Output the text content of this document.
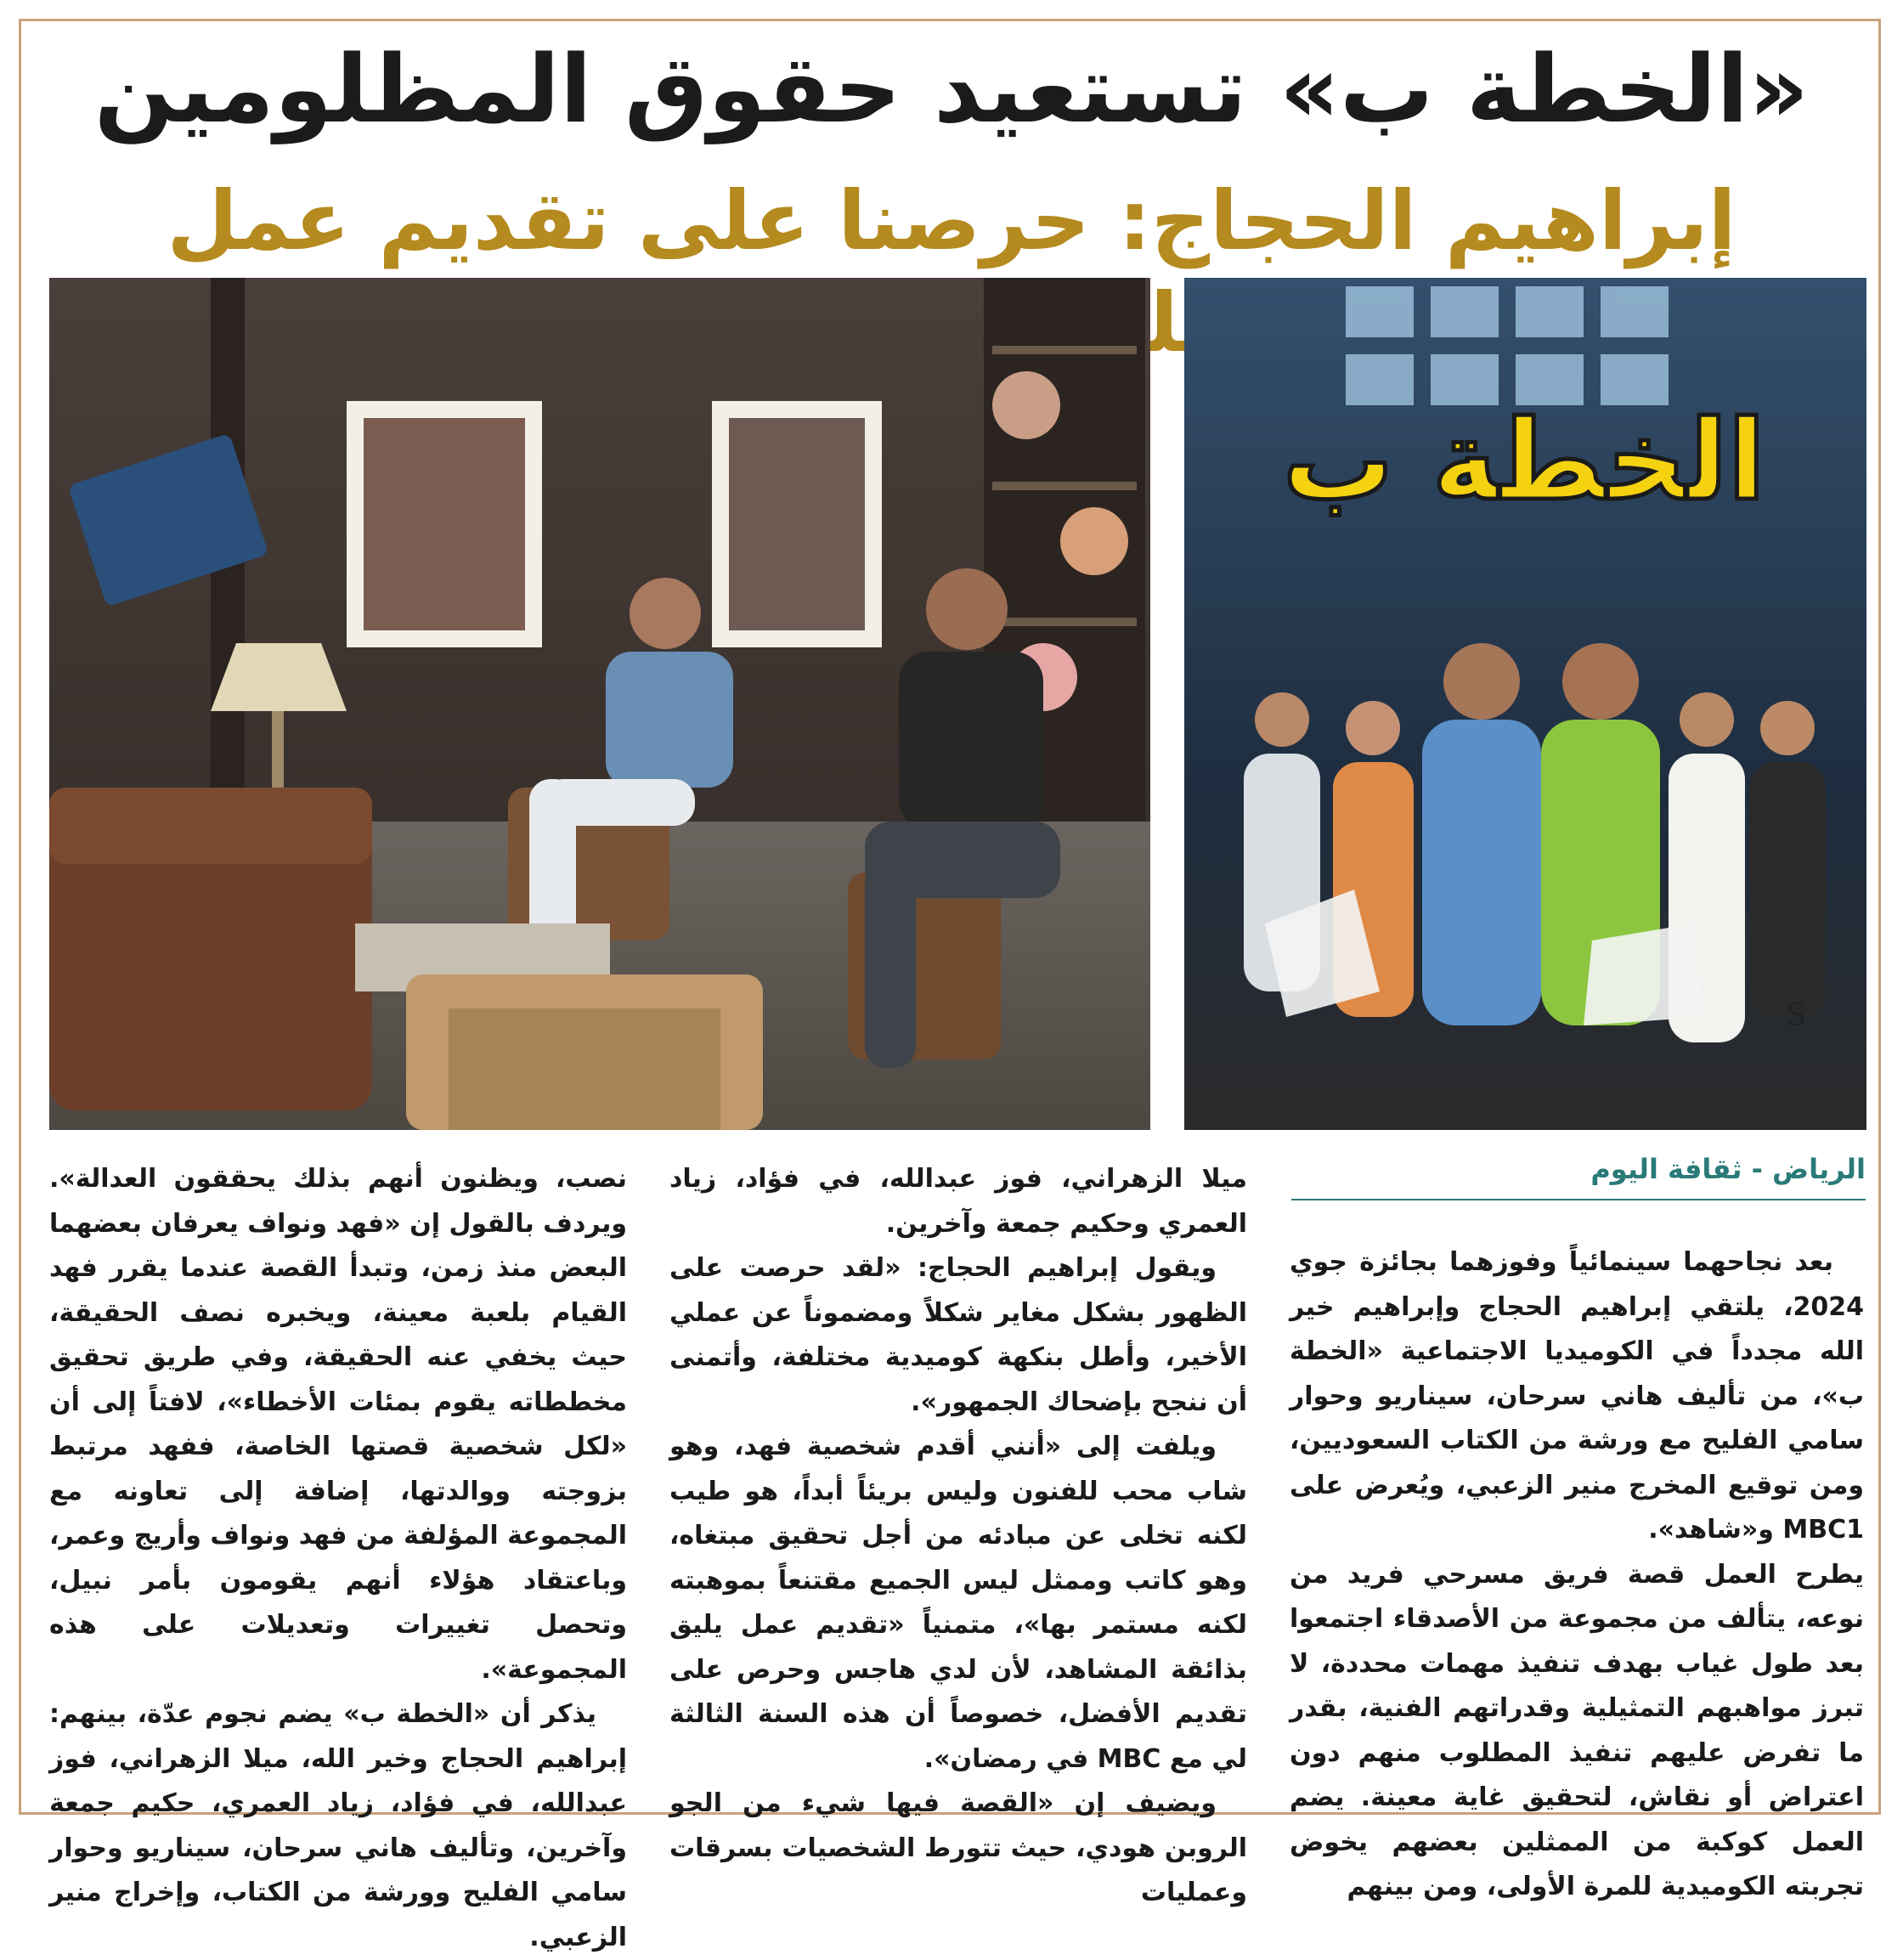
«الخطة ب» تستعيد حقوق المظلومين
إبراهيم الحجاج: حرصنا على تقديم عمل
الخطة ب
S
الرياض - ثقافة اليوم

بعد نجاحهما سينمائياً وفوزهما بجائزة جوي 2024، يلتقي إبراهيم الحجاج وإبراهيم خير الله مجدداً في الكوميديا الاجتماعية «الخطة ب»، من تأليف هاني سرحان، سيناريو وحوار سامي الفليح مع ورشة من الكتاب السعوديين، ومن توقيع المخرج منير الزعبي، ويُعرض على MBC1 و«شاهد».

يطرح العمل قصة فريق مسرحي فريد من نوعه، يتألف من مجموعة من الأصدقاء اجتمعوا بعد طول غياب بهدف تنفيذ مهمات محددة، لا تبرز مواهبهم التمثيلية وقدراتهم الفنية، بقدر ما تفرض عليهم تنفيذ المطلوب منهم دون اعتراض أو نقاش، لتحقيق غاية معينة. يضم العمل كوكبة من الممثلين بعضهم يخوض تجربته الكوميدية للمرة الأولى، ومن بينهم

ميلا الزهراني، فوز عبدالله، في فؤاد، زياد العمري وحكيم جمعة وآخرين.

ويقول إبراهيم الحجاج: «لقد حرصت على الظهور بشكل مغاير شكلاً ومضموناً عن عملي الأخير، وأطل بنكهة كوميدية مختلفة، وأتمنى أن ننجح بإضحاك الجمهور».

ويلفت إلى «أنني أقدم شخصية فهد، وهو شاب محب للفنون وليس بريئاً أبداً، هو طيب لكنه تخلى عن مبادئه من أجل تحقيق مبتغاه، وهو كاتب وممثل ليس الجميع مقتنعاً بموهبته لكنه مستمر بها»، متمنياً «تقديم عمل يليق بذائقة المشاهد، لأن لدي هاجس وحرص على تقديم الأفضل، خصوصاً أن هذه السنة الثالثة لي مع MBC في رمضان».

ويضيف إن «القصة فيها شيء من الجو الروبن هودي، حيث تتورط الشخصيات بسرقات وعمليات

نصب، ويظنون أنهم بذلك يحققون العدالة». ويردف بالقول إن «فهد ونواف يعرفان بعضهما البعض منذ زمن، وتبدأ القصة عندما يقرر فهد القيام بلعبة معينة، ويخبره نصف الحقيقة، حيث يخفي عنه الحقيقة، وفي طريق تحقيق مخططاته يقوم بمئات الأخطاء»، لافتاً إلى أن «لكل شخصية قصتها الخاصة، ففهد مرتبط بزوجته ووالدتها، إضافة إلى تعاونه مع المجموعة المؤلفة من فهد ونواف وأريج وعمر، وباعتقاد هؤلاء أنهم يقومون بأمر نبيل، وتحصل تغييرات وتعديلات على هذه المجموعة».

يذكر أن «الخطة ب» يضم نجوم عدّة، بينهم: إبراهيم الحجاج وخير الله، ميلا الزهراني، فوز عبدالله، في فؤاد، زياد العمري، حكيم جمعة وآخرين، وتأليف هاني سرحان، سيناريو وحوار سامي الفليح وورشة من الكتاب، وإخراج منير الزعبي.
